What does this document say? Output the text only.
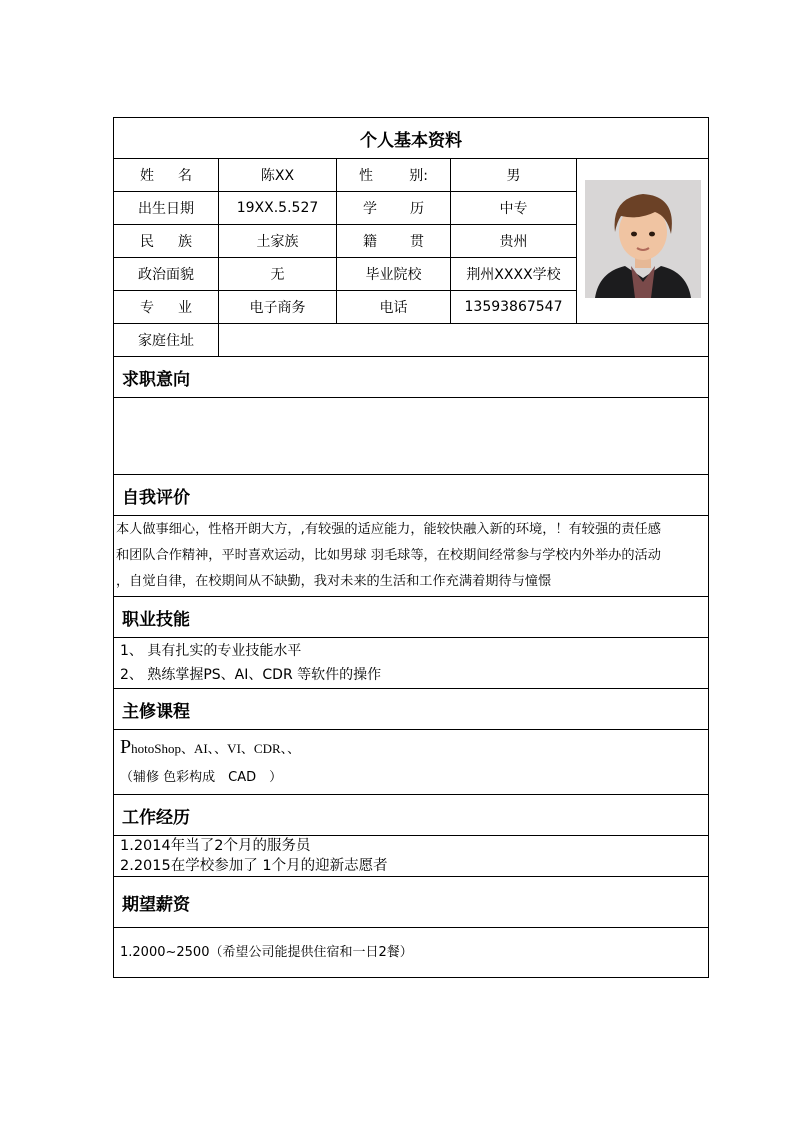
个人基本资料				

姓 名	陈XX	性 别:	男	
出生日期	19XX.5.527	学 历	中专	

民 族	土家族	籍 贯	贵州	
政治面貌	无	毕业院校	荆州XXXX学校	

专 业	电子商务	电话	13593867547	
家庭住址				
求职意向				

自我评价				

本人做事细心，性格开朗大方，,有较强的适应能力，能较快融入新的环境，！有较强的责任感
和团队合作精神，平时喜欢运动，比如男球 羽毛球等，在校期间经常参与学校内外举办的活动
，自觉自律，在校期间从不缺勤，我对未来的生活和工作充满着期待与憧憬				

职业技能				

1、 具有扎实的专业技能水平
2、 熟练掌握PS、AI、CDR 等软件的操作				

主修课程				

PhotoShop、AI、、VI、CDR、、
（辅修 色彩构成　CAD　）				

工作经历				

1.2014年当了2个月的服务员
2.2015在学校参加了 1个月的迎新志愿者				

期望薪资				
1.2000~2500（希望公司能提供住宿和一日2餐）				
